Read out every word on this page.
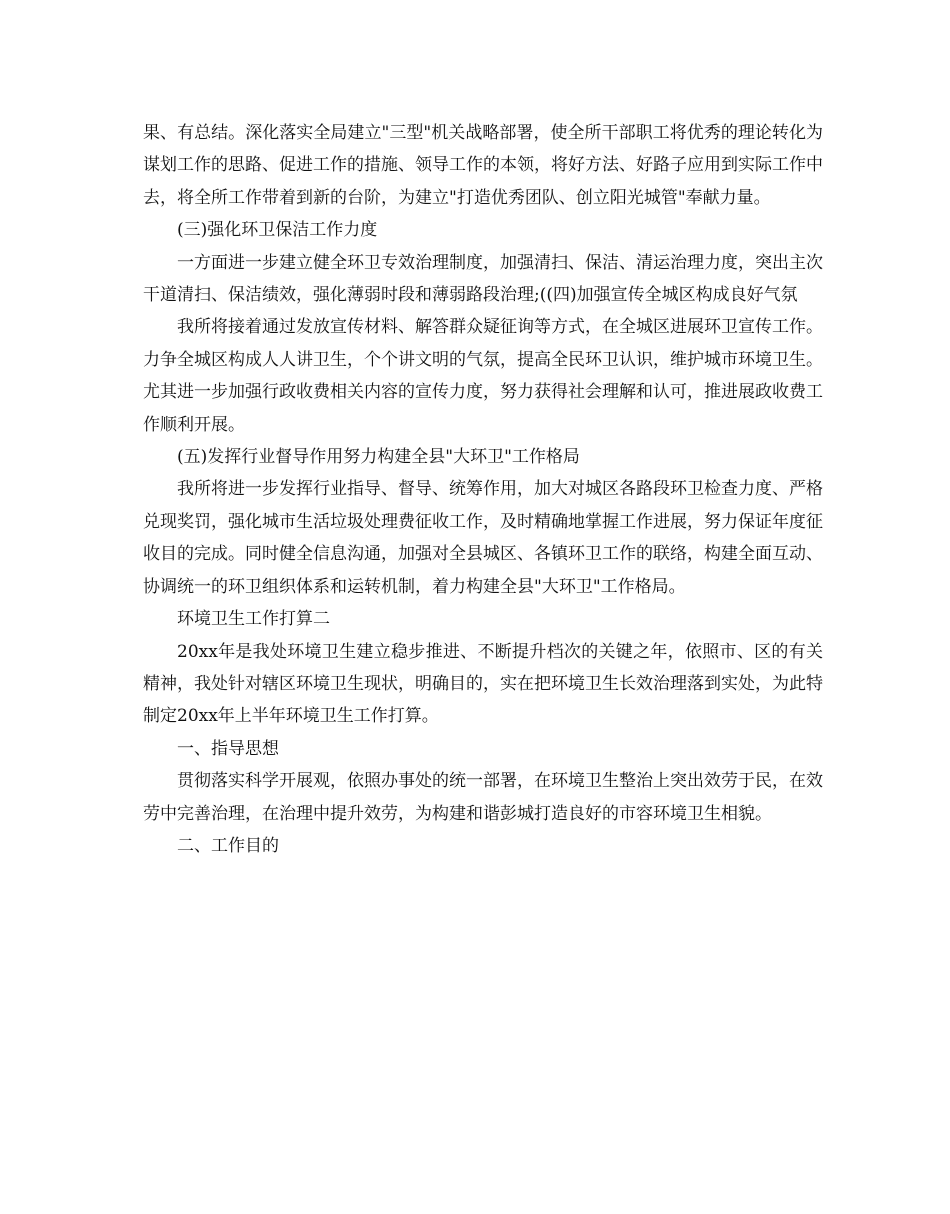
果、有总结。深化落实全局建立"三型"机关战略部署，使全所干部职工将优秀的理论转化为谋划工作的思路、促进工作的措施、领导工作的本领，将好方法、好路子应用到实际工作中去，将全所工作带着到新的台阶，为建立"打造优秀团队、创立阳光城管"奉献力量。

(三)强化环卫保洁工作力度

一方面进一步建立健全环卫专效治理制度，加强清扫、保洁、清运治理力度，突出主次干道清扫、保洁绩效，强化薄弱时段和薄弱路段治理;((四)加强宣传全城区构成良好气氛

我所将接着通过发放宣传材料、解答群众疑征询等方式，在全城区进展环卫宣传工作。力争全城区构成人人讲卫生，个个讲文明的气氛，提高全民环卫认识，维护城市环境卫生。尤其进一步加强行政收费相关内容的宣传力度，努力获得社会理解和认可，推进展政收费工作顺利开展。

(五)发挥行业督导作用努力构建全县"大环卫"工作格局

我所将进一步发挥行业指导、督导、统筹作用，加大对城区各路段环卫检查力度、严格兑现奖罚，强化城市生活垃圾处理费征收工作，及时精确地掌握工作进展，努力保证年度征收目的完成。同时健全信息沟通，加强对全县城区、各镇环卫工作的联络，构建全面互动、协调统一的环卫组织体系和运转机制，着力构建全县"大环卫"工作格局。

环境卫生工作打算二

20xx年是我处环境卫生建立稳步推进、不断提升档次的关键之年，依照市、区的有关精神，我处针对辖区环境卫生现状，明确目的，实在把环境卫生长效治理落到实处，为此特制定20xx年上半年环境卫生工作打算。

一、指导思想

贯彻落实科学开展观，依照办事处的统一部署，在环境卫生整治上突出效劳于民，在效劳中完善治理，在治理中提升效劳，为构建和谐彭城打造良好的市容环境卫生相貌。

二、工作目的
